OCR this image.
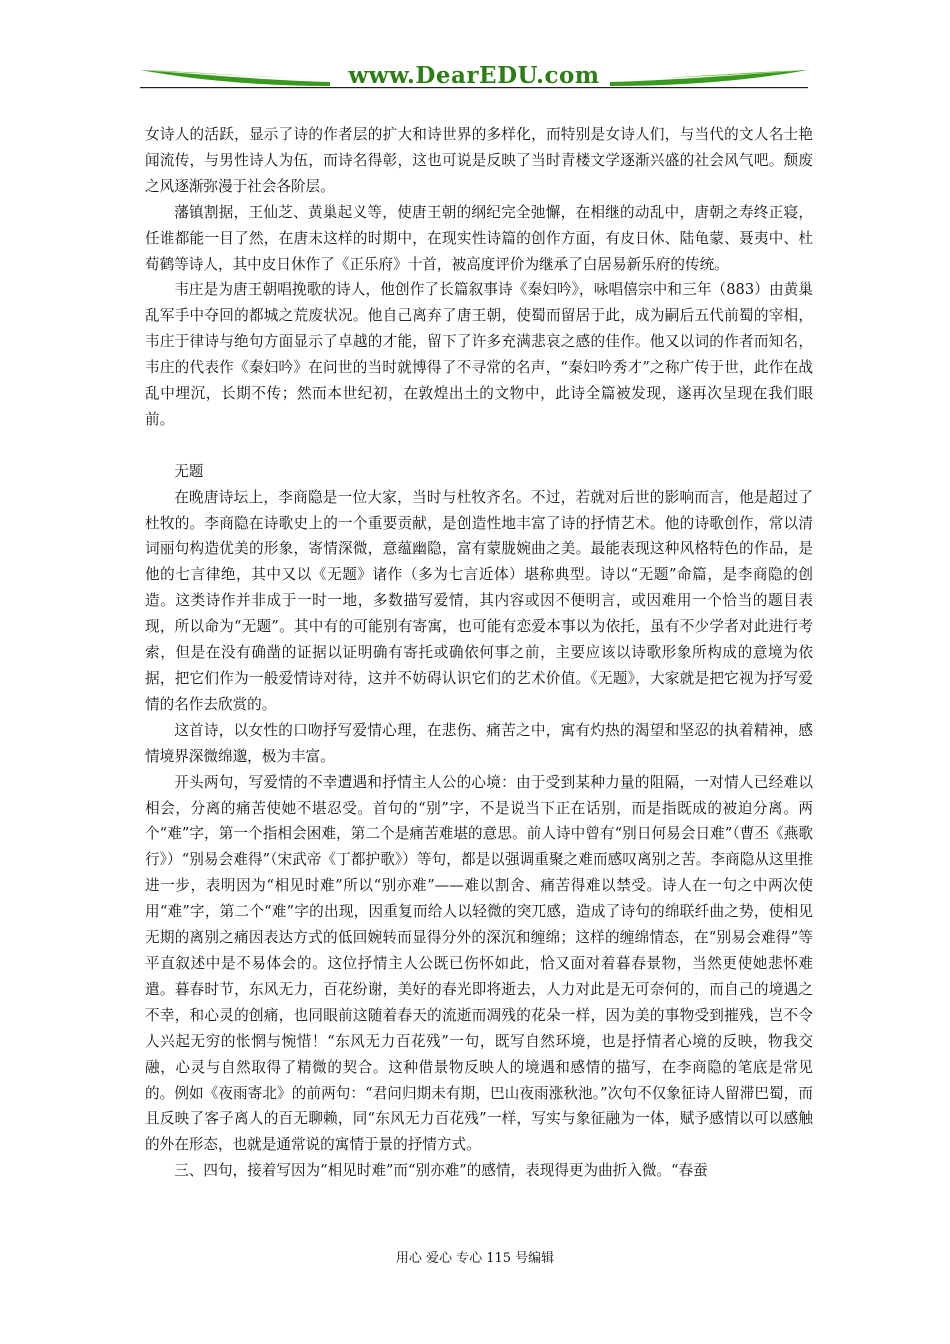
www.DearEDU.com

女诗人的活跃，显示了诗的作者层的扩大和诗世界的多样化，而特别是女诗人们，与当代的文人名士艳闻流传，与男性诗人为伍，而诗名得彰，这也可说是反映了当时青楼文学逐渐兴盛的社会风气吧。颓废之风逐渐弥漫于社会各阶层。

藩镇割据，王仙芝、黄巢起义等，使唐王朝的纲纪完全弛懈，在相继的动乱中，唐朝之寿终正寝，任谁都能一目了然，在唐末这样的时期中，在现实性诗篇的创作方面，有皮日休、陆龟蒙、聂夷中、杜荀鹤等诗人，其中皮日休作了《正乐府》十首，被高度评价为继承了白居易新乐府的传统。

韦庄是为唐王朝唱挽歌的诗人，他创作了长篇叙事诗《秦妇吟》，咏唱僖宗中和三年（883）由黄巢乱军手中夺回的都城之荒废状况。他自己离弃了唐王朝，使蜀而留居于此，成为嗣后五代前蜀的宰相，韦庄于律诗与绝句方面显示了卓越的才能，留下了许多充满悲哀之感的佳作。他又以词的作者而知名，韦庄的代表作《秦妇吟》在问世的当时就博得了不寻常的名声，“秦妇吟秀才”之称广传于世，此作在战乱中埋沉，长期不传；然而本世纪初，在敦煌出土的文物中，此诗全篇被发现，遂再次呈现在我们眼前。

无题

在晚唐诗坛上，李商隐是一位大家，当时与杜牧齐名。不过，若就对后世的影响而言，他是超过了杜牧的。李商隐在诗歌史上的一个重要贡献，是创造性地丰富了诗的抒情艺术。他的诗歌创作，常以清词丽句构造优美的形象，寄情深微，意蕴幽隐，富有蒙胧婉曲之美。最能表现这种风格特色的作品，是他的七言律绝，其中又以《无题》诸作（多为七言近体）堪称典型。诗以“无题”命篇，是李商隐的创造。这类诗作并非成于一时一地，多数描写爱情，其内容或因不便明言，或因难用一个恰当的题目表现，所以命为“无题”。其中有的可能别有寄寓，也可能有恋爱本事以为依托，虽有不少学者对此进行考索，但是在没有确凿的证据以证明确有寄托或确依何事之前，主要应该以诗歌形象所构成的意境为依据，把它们作为一般爱情诗对待，这并不妨碍认识它们的艺术价值。《无题》，大家就是把它视为抒写爱情的名作去欣赏的。

这首诗，以女性的口吻抒写爱情心理，在悲伤、痛苦之中，寓有灼热的渴望和坚忍的执着精神，感情境界深微绵邈，极为丰富。

开头两句，写爱情的不幸遭遇和抒情主人公的心境：由于受到某种力量的阻隔，一对情人已经难以相会，分离的痛苦使她不堪忍受。首句的“别”字，不是说当下正在话别，而是指既成的被迫分离。两个“难”字，第一个指相会困难，第二个是痛苦难堪的意思。前人诗中曾有“别日何易会日难”（曹丕《燕歌行》）“别易会难得”（宋武帝《丁都护歌》）等句，都是以强调重聚之难而感叹离别之苦。李商隐从这里推进一步，表明因为“相见时难”所以“别亦难”——难以割舍、痛苦得难以禁受。诗人在一句之中两次使用“难”字，第二个“难”字的出现，因重复而给人以轻微的突兀感，造成了诗句的绵联纤曲之势，使相见无期的离别之痛因表达方式的低回婉转而显得分外的深沉和缠绵；这样的缠绵情态，在“别易会难得”等平直叙述中是不易体会的。这位抒情主人公既已伤怀如此，恰又面对着暮春景物，当然更使她悲怀难遣。暮春时节，东风无力，百花纷谢，美好的春光即将逝去，人力对此是无可奈何的，而自己的境遇之不幸，和心灵的创痛，也同眼前这随着春天的流逝而凋残的花朵一样，因为美的事物受到摧残，岂不令人兴起无穷的怅惘与惋惜！“东风无力百花残”一句，既写自然环境，也是抒情者心境的反映，物我交融，心灵与自然取得了精微的契合。这种借景物反映人的境遇和感情的描写，在李商隐的笔底是常见的。例如《夜雨寄北》的前两句：“君问归期未有期，巴山夜雨涨秋池。”次句不仅象征诗人留滞巴蜀，而且反映了客子离人的百无聊赖，同“东风无力百花残”一样，写实与象征融为一体，赋予感情以可以感触的外在形态，也就是通常说的寓情于景的抒情方式。

三、四句，接着写因为“相见时难”而“别亦难”的感情，表现得更为曲折入微。“春蚕

用心 爱心 专心 115 号编辑
